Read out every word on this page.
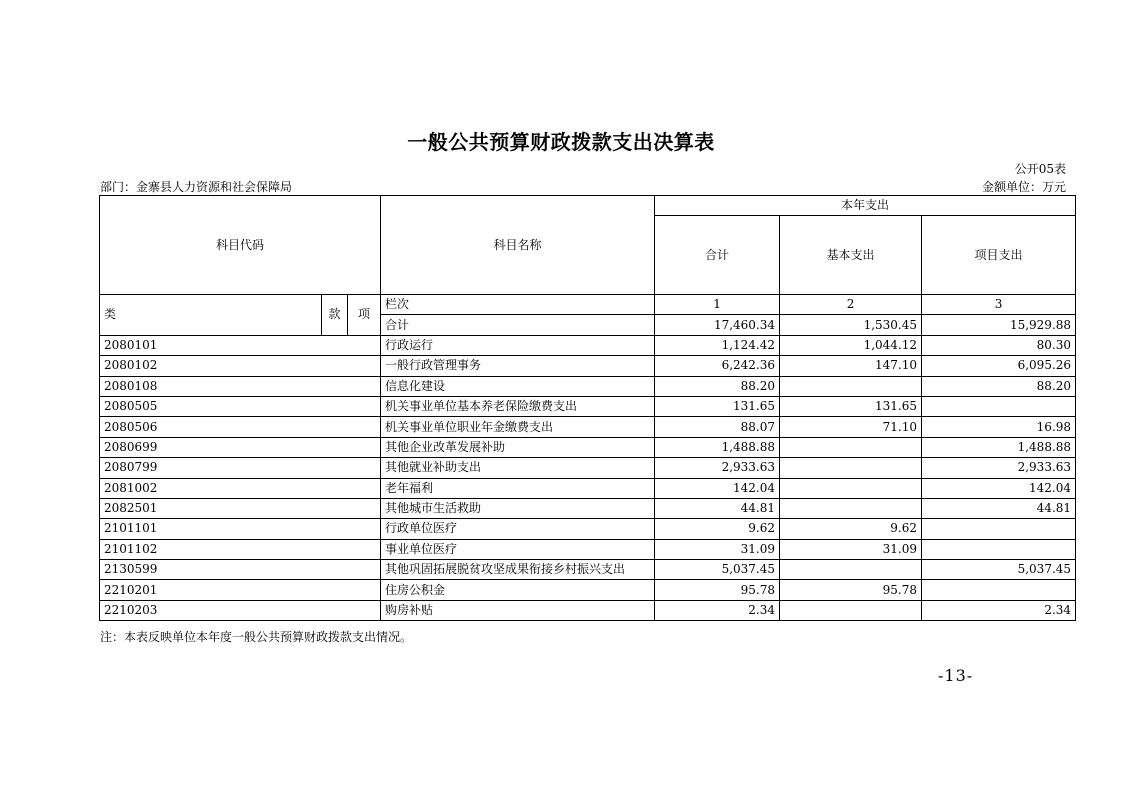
一般公共预算财政拨款支出决算表
公开05表
部门：金寨县人力资源和社会保障局	金额单位：万元
科目代码			科目名称	本年支出		
				合计	基本支出	项目支出
类	款	项	栏次	1	2	3
			合计	17,460.34	1,530.45	15,929.88
2080101			行政运行	1,124.42	1,044.12	80.30
2080102			一般行政管理事务	6,242.36	147.10	6,095.26
2080108			信息化建设	88.20		88.20
2080505			机关事业单位基本养老保险缴费支出	131.65	131.65	
2080506			机关事业单位职业年金缴费支出	88.07	71.10	16.98
2080699			其他企业改革发展补助	1,488.88		1,488.88
2080799			其他就业补助支出	2,933.63		2,933.63
2081002			老年福利	142.04		142.04
2082501			其他城市生活救助	44.81		44.81
2101101			行政单位医疗	9.62	9.62	
2101102			事业单位医疗	31.09	31.09	
2130599			其他巩固拓展脱贫攻坚成果衔接乡村振兴支出	5,037.45		5,037.45
2210201			住房公积金	95.78	95.78	
2210203			购房补贴	2.34		2.34
注：本表反映单位本年度一般公共预算财政拨款支出情况。
-13-
